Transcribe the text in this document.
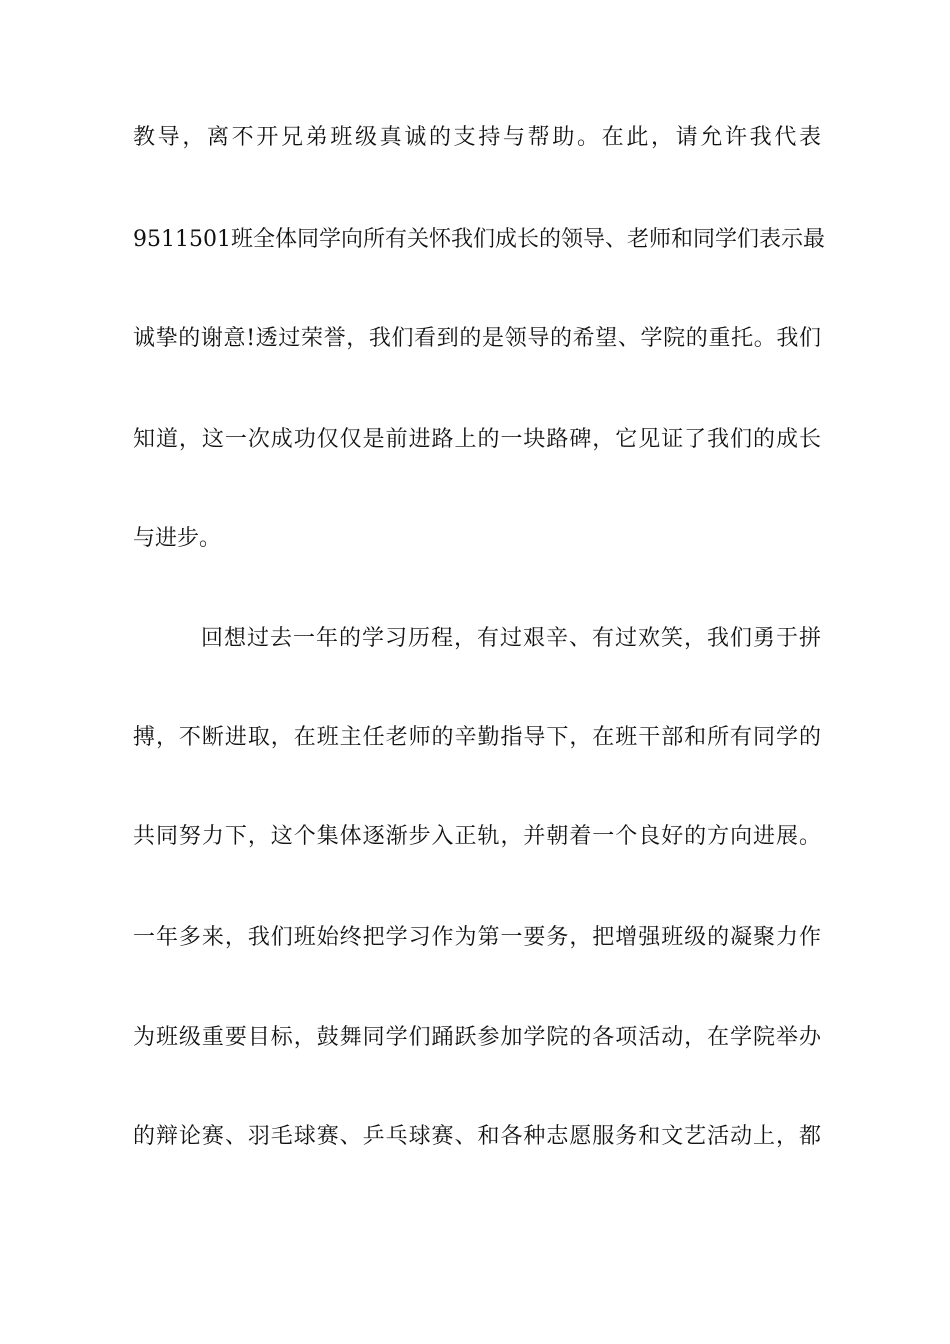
教导，离不开兄弟班级真诚的支持与帮助。在此，请允许我代表
9511501班全体同学向所有关怀我们成长的领导、老师和同学们表示最
诚挚的谢意!透过荣誉，我们看到的是领导的希望、学院的重托。我们
知道，这一次成功仅仅是前进路上的一块路碑，它见证了我们的成长
与进步。
回想过去一年的学习历程，有过艰辛、有过欢笑，我们勇于拼
搏，不断进取，在班主任老师的辛勤指导下，在班干部和所有同学的
共同努力下，这个集体逐渐步入正轨，并朝着一个良好的方向进展。
一年多来，我们班始终把学习作为第一要务，把增强班级的凝聚力作
为班级重要目标，鼓舞同学们踊跃参加学院的各项活动，在学院举办
的辩论赛、羽毛球赛、乒乓球赛、和各种志愿服务和文艺活动上，都
